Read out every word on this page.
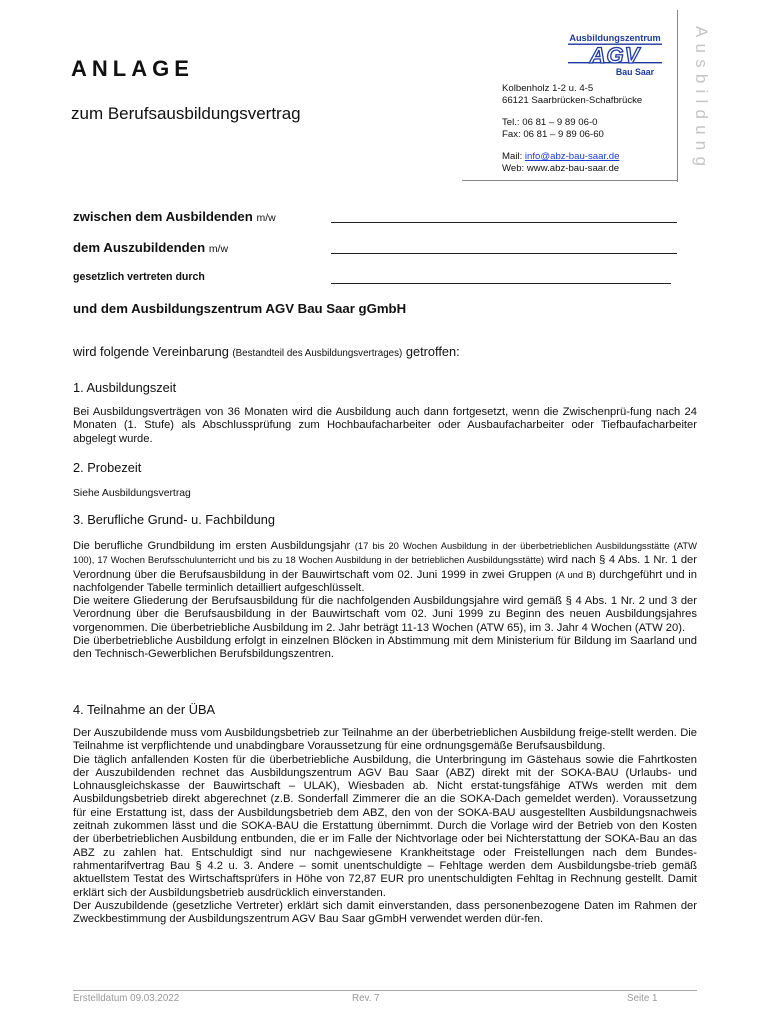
ANLAGE
zum Berufsausbildungsvertrag
Ausbildungszentrum
AGV
Bau Saar Ausbildung
Kolbenholz 1-2 u. 4-5
66121 Saarbrücken-Schafbrücke
Tel.: 06 81 – 9 89 06-0
Fax: 06 81 – 9 89 06-60
Mail: info@abz-bau-saar.de
Web: www.abz-bau-saar.de
zwischen dem Ausbildenden m/w
dem Auszubildenden m/w
gesetzlich vertreten durch
und dem Ausbildungszentrum AGV Bau Saar gGmbH
wird folgende Vereinbarung (Bestandteil des Ausbildungsvertrages) getroffen:
1. Ausbildungszeit
Bei Ausbildungsverträgen von 36 Monaten wird die Ausbildung auch dann fortgesetzt, wenn die Zwischenprü-fung nach 24 Monaten (1. Stufe) als Abschlussprüfung zum Hochbaufacharbeiter oder Ausbaufacharbeiter oder Tiefbaufacharbeiter abgelegt wurde.
2. Probezeit
Siehe Ausbildungsvertrag
3. Berufliche Grund- u. Fachbildung
Die berufliche Grundbildung im ersten Ausbildungsjahr (17 bis 20 Wochen Ausbildung in der überbetrieblichen Ausbildungsstätte (ATW 100), 17 Wochen Berufsschulunterricht und bis zu 18 Wochen Ausbildung in der betrieblichen Ausbildungsstätte) wird nach § 4 Abs. 1 Nr. 1 der Verordnung über die Berufsausbildung in der Bauwirtschaft vom 02. Juni 1999 in zwei Gruppen (A und B) durchgeführt und in nachfolgender Tabelle terminlich detailliert aufgeschlüsselt.
Die weitere Gliederung der Berufsausbildung für die nachfolgenden Ausbildungsjahre wird gemäß § 4 Abs. 1 Nr. 2 und 3 der Verordnung über die Berufsausbildung in der Bauwirtschaft vom 02. Juni 1999 zu Beginn des neuen Ausbildungsjahres vorgenommen. Die überbetriebliche Ausbildung im 2. Jahr beträgt 11-13 Wochen (ATW 65), im 3. Jahr 4 Wochen (ATW 20).
Die überbetriebliche Ausbildung erfolgt in einzelnen Blöcken in Abstimmung mit dem Ministerium für Bildung im Saarland und den Technisch-Gewerblichen Berufsbildungszentren.
4. Teilnahme an der ÜBA
Der Auszubildende muss vom Ausbildungsbetrieb zur Teilnahme an der überbetrieblichen Ausbildung freige-stellt werden. Die Teilnahme ist verpflichtende und unabdingbare Voraussetzung für eine ordnungsgemäße Berufsausbildung.
Die täglich anfallenden Kosten für die überbetriebliche Ausbildung, die Unterbringung im Gästehaus sowie die Fahrtkosten der Auszubildenden rechnet das Ausbildungszentrum AGV Bau Saar (ABZ) direkt mit der SOKA-BAU (Urlaubs- und Lohnausgleichskasse der Bauwirtschaft – ULAK), Wiesbaden ab. Nicht erstat-tungsfähige ATWs werden mit dem Ausbildungsbetrieb direkt abgerechnet (z.B. Sonderfall Zimmerer die an die SOKA-Dach gemeldet werden). Voraussetzung für eine Erstattung ist, dass der Ausbildungsbetrieb dem ABZ, den von der SOKA-BAU ausgestellten Ausbildungsnachweis zeitnah zukommen lässt und die SOKA-BAU die Erstattung übernimmt. Durch die Vorlage wird der Betrieb von den Kosten der überbetrieblichen Ausbildung entbunden, die er im Falle der Nichtvorlage oder bei Nichterstattung der SOKA-Bau an das ABZ zu zahlen hat. Entschuldigt sind nur nachgewiesene Krankheitstage oder Freistellungen nach dem Bundes-rahmentarifvertrag Bau § 4.2 u. 3. Andere – somit unentschuldigte – Fehltage werden dem Ausbildungsbe-trieb gemäß aktuellstem Testat des Wirtschaftsprüfers in Höhe von 72,87 EUR pro unentschuldigten Fehltag in Rechnung gestellt. Damit erklärt sich der Ausbildungsbetrieb ausdrücklich einverstanden.
Der Auszubildende (gesetzliche Vertreter) erklärt sich damit einverstanden, dass personenbezogene Daten im Rahmen der Zweckbestimmung der Ausbildungszentrum AGV Bau Saar gGmbH verwendet werden dür-fen.
Erstelldatum 09.03.2022	Rev. 7	Seite 1
